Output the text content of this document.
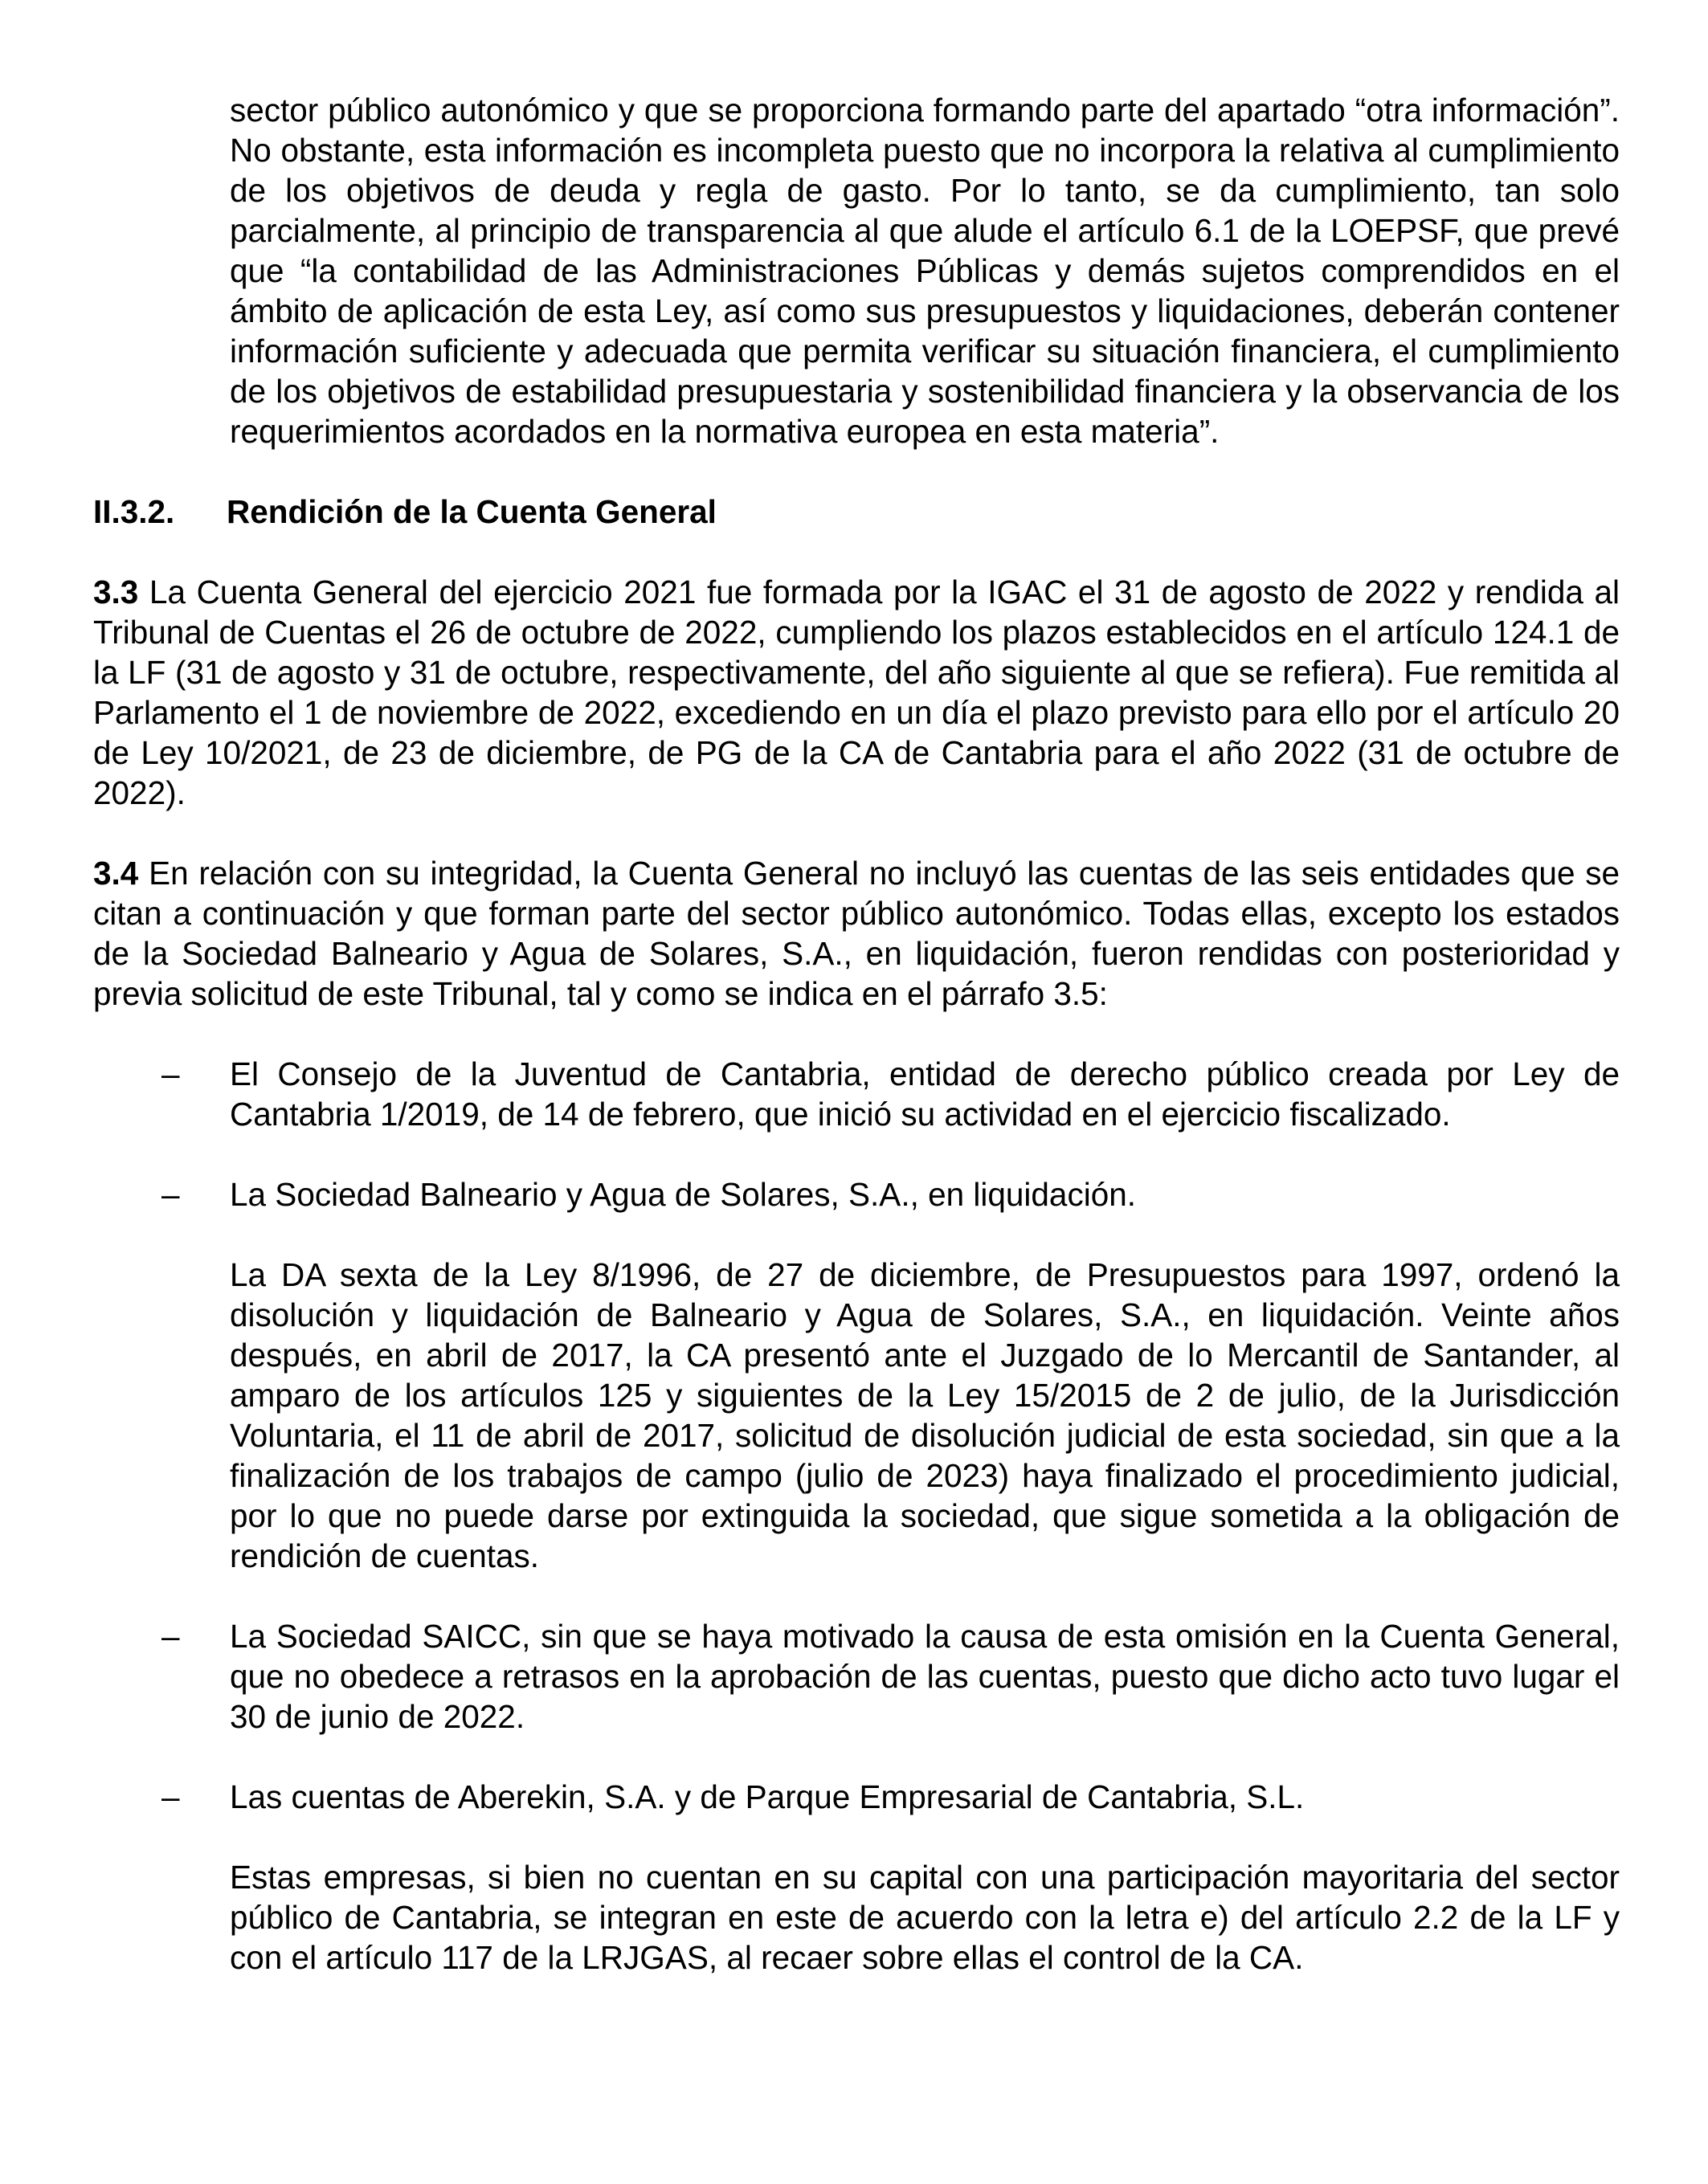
sector público autonómico y que se proporciona formando parte del apartado “otra información”. No obstante, esta información es incompleta puesto que no incorpora la relativa al cumplimiento de los objetivos de deuda y regla de gasto. Por lo tanto, se da cumplimiento, tan solo parcialmente, al principio de transparencia al que alude el artículo 6.1 de la LOEPSF, que prevé que “la contabilidad de las Administraciones Públicas y demás sujetos comprendidos en el ámbito de aplicación de esta Ley, así como sus presupuestos y liquidaciones, deberán contener información suficiente y adecuada que permita verificar su situación financiera, el cumplimiento de los objetivos de estabilidad presupuestaria y sostenibilidad financiera y la observancia de los requerimientos acordados en la normativa europea en esta materia”.

II.3.2. Rendición de la Cuenta General

3.3 La Cuenta General del ejercicio 2021 fue formada por la IGAC el 31 de agosto de 2022 y rendida al Tribunal de Cuentas el 26 de octubre de 2022, cumpliendo los plazos establecidos en el artículo 124.1 de la LF (31 de agosto y 31 de octubre, respectivamente, del año siguiente al que se refiera). Fue remitida al Parlamento el 1 de noviembre de 2022, excediendo en un día el plazo previsto para ello por el artículo 20 de Ley 10/2021, de 23 de diciembre, de PG de la CA de Cantabria para el año 2022 (31 de octubre de 2022).

3.4 En relación con su integridad, la Cuenta General no incluyó las cuentas de las seis entidades que se citan a continuación y que forman parte del sector público autonómico. Todas ellas, excepto los estados de la Sociedad Balneario y Agua de Solares, S.A., en liquidación, fueron rendidas con posterioridad y previa solicitud de este Tribunal, tal y como se indica en el párrafo 3.5:

–	El Consejo de la Juventud de Cantabria, entidad de derecho público creada por Ley de Cantabria 1/2019, de 14 de febrero, que inició su actividad en el ejercicio fiscalizado.
–	La Sociedad Balneario y Agua de Solares, S.A., en liquidación.

La DA sexta de la Ley 8/1996, de 27 de diciembre, de Presupuestos para 1997, ordenó la disolución y liquidación de Balneario y Agua de Solares, S.A., en liquidación. Veinte años después, en abril de 2017, la CA presentó ante el Juzgado de lo Mercantil de Santander, al amparo de los artículos 125 y siguientes de la Ley 15/2015 de 2 de julio, de la Jurisdicción Voluntaria, el 11 de abril de 2017, solicitud de disolución judicial de esta sociedad, sin que a la finalización de los trabajos de campo (julio de 2023) haya finalizado el procedimiento judicial, por lo que no puede darse por extinguida la sociedad, que sigue sometida a la obligación de rendición de cuentas.

–	La Sociedad SAICC, sin que se haya motivado la causa de esta omisión en la Cuenta General, que no obedece a retrasos en la aprobación de las cuentas, puesto que dicho acto tuvo lugar el 30 de junio de 2022.
–	Las cuentas de Aberekin, S.A. y de Parque Empresarial de Cantabria, S.L.

Estas empresas, si bien no cuentan en su capital con una participación mayoritaria del sector público de Cantabria, se integran en este de acuerdo con la letra e) del artículo 2.2 de la LF y con el artículo 117 de la LRJGAS, al recaer sobre ellas el control de la CA.
